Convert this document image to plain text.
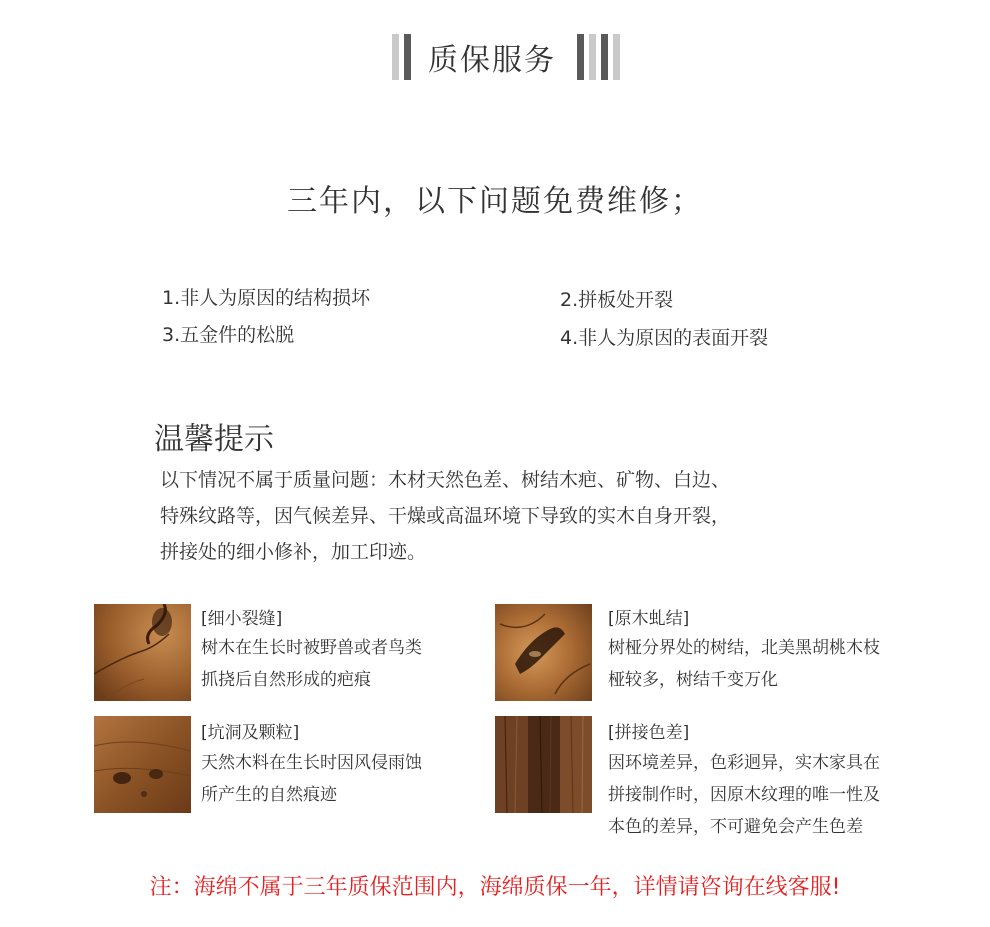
质保服务
三年内，以下问题免费维修；
1.非人为原因的结构损坏	2.拼板处开裂
3.五金件的松脱	4.非人为原因的表面开裂
温馨提示
以下情况不属于质量问题：木材天然色差、树结木疤、矿物、白边、
特殊纹路等，因气候差异、干燥或高温环境下导致的实木自身开裂，
拼接处的细小修补，加工印迹。
[细小裂缝]
树木在生长时被野兽或者鸟类
抓挠后自然形成的疤痕
[原木虬结]
树桠分界处的树结，北美黑胡桃木枝
桠较多，树结千变万化
[坑洞及颗粒]
天然木料在生长时因风侵雨蚀
所产生的自然痕迹
[拼接色差]
因环境差异，色彩迥异，实木家具在
拼接制作时，因原木纹理的唯一性及
本色的差异，不可避免会产生色差
注：海绵不属于三年质保范围内，海绵质保一年，详情请咨询在线客服!
